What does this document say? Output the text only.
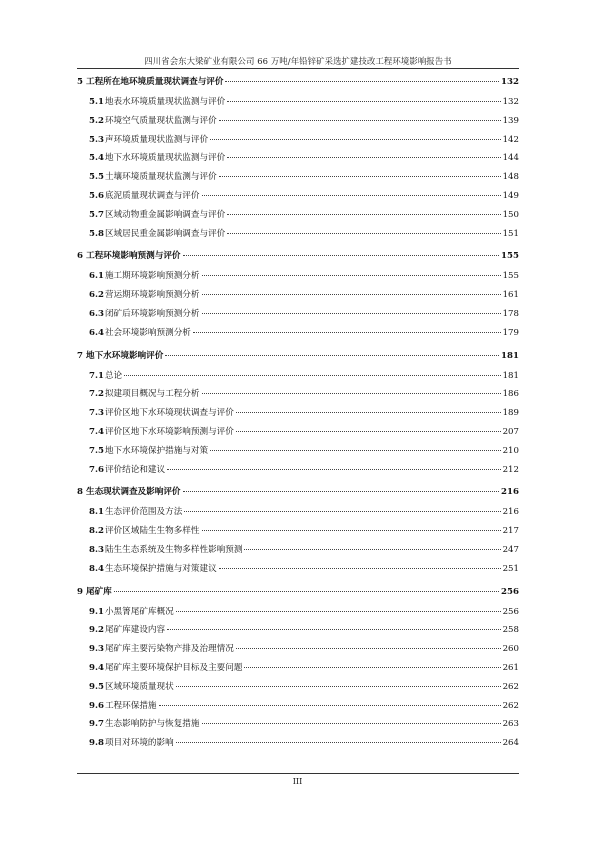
四川省会东大梁矿业有限公司 66 万吨/年铅锌矿采选扩建技改工程环境影响报告书
5 工程所在地环境质量现状调查与评价	132
5.1 地表水环境质量现状监测与评价	132
5.2 环境空气质量现状监测与评价	139
5.3 声环境质量现状监测与评价	142
5.4 地下水环境质量现状监测与评价	144
5.5 土壤环境质量现状监测与评价	148
5.6 底泥质量现状调查与评价	149
5.7 区域动物重金属影响调查与评价	150
5.8 区域居民重金属影响调查与评价	151
6 工程环境影响预测与评价	155
6.1 施工期环境影响预测分析	155
6.2 营运期环境影响预测分析	161
6.3 闭矿后环境影响预测分析	178
6.4 社会环境影响预测分析	179
7 地下水环境影响评价	181
7.1 总论	181
7.2 拟建项目概况与工程分析	186
7.3 评价区地下水环境现状调查与评价	189
7.4 评价区地下水环境影响预测与评价	207
7.5 地下水环境保护措施与对策	210
7.6 评价结论和建议	212
8 生态现状调查及影响评价	216
8.1 生态评价范围及方法	216
8.2 评价区域陆生生物多样性	217
8.3 陆生生态系统及生物多样性影响预测	247
8.4 生态环境保护措施与对策建议	251
9 尾矿库	256
9.1 小黑箐尾矿库概况	256
9.2 尾矿库建设内容	258
9.3 尾矿库主要污染物产排及治理情况	260
9.4 尾矿库主要环境保护目标及主要问题	261
9.5 区域环境质量现状	262
9.6 工程环保措施	262
9.7 生态影响防护与恢复措施	263
9.8 项目对环境的影响	264
III
